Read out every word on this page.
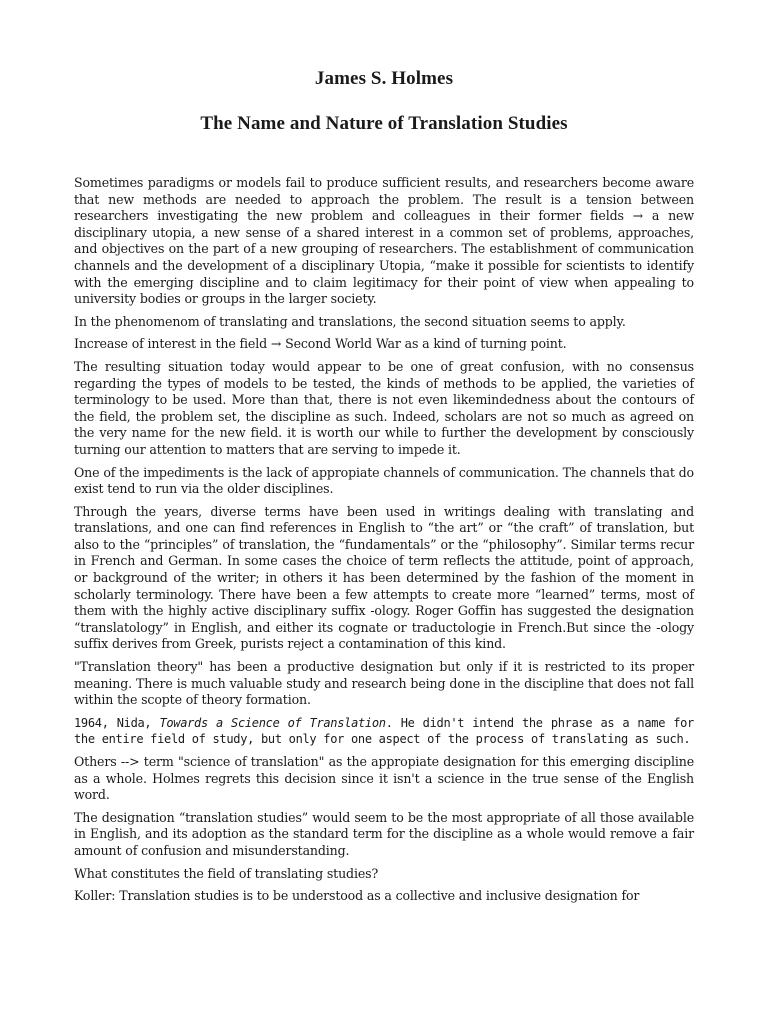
James S. Holmes
The Name and Nature of Translation Studies

Sometimes paradigms or models fail to produce sufficient results, and researchers become aware that new methods are needed to approach the problem. The result is a tension between researchers investigating the new problem and colleagues in their former fields → a new disciplinary utopia, a new sense of a shared interest in a common set of problems, approaches, and objectives on the part of a new grouping of researchers. The establishment of communication channels and the development of a disciplinary Utopia, “make it possible for scientists to identify with the emerging discipline and to claim legitimacy for their point of view when appealing to university bodies or groups in the larger society.

In the phenomenom of translating and translations, the second situation seems to apply.

Increase of interest in the field → Second World War as a kind of turning point.

The resulting situation today would appear to be one of great confusion, with no consensus regarding the types of models to be tested, the kinds of methods to be applied, the varieties of terminology to be used. More than that, there is not even likemindedness about the contours of the field, the problem set, the discipline as such. Indeed, scholars are not so much as agreed on the very name for the new field. it is worth our while to further the development by consciously turning our attention to matters that are serving to impede it.

One of the impediments is the lack of appropiate channels of communication. The channels that do exist tend to run via the older disciplines.

Through the years, diverse terms have been used in writings dealing with translating and translations, and one can find references in English to “the art” or “the craft” of translation, but also to the “principles” of translation, the “fundamentals” or the “philosophy”. Similar terms recur in French and German. In some cases the choice of term reflects the attitude, point of approach, or background of the writer; in others it has been determined by the fashion of the moment in scholarly terminology. There have been a few attempts to create more “learned” terms, most of them with the highly active disciplinary suffix -ology. Roger Goffin has suggested the designation “translatology” in English, and either its cognate or traductologie in French.But since the -ology suffix derives from Greek, purists reject a contamination of this kind.

"Translation theory" has been a productive designation but only if it is restricted to its proper meaning. There is much valuable study and research being done in the discipline that does not fall within the scopte of theory formation.

1964, Nida, Towards a Science of Translation. He didn't intend the phrase as a name for the entire field of study, but only for one aspect of the process of translating as such.

Others --> term "science of translation" as the appropiate designation for this emerging discipline as a whole. Holmes regrets this decision since it isn't a science in the true sense of the English word.

The designation “translation studies” would seem to be the most appropriate of all those available in English, and its adoption as the standard term for the discipline as a whole would remove a fair amount of confusion and misunderstanding.

What constitutes the field of translating studies?

Koller: Translation studies is to be understood as a collective and inclusive designation for
